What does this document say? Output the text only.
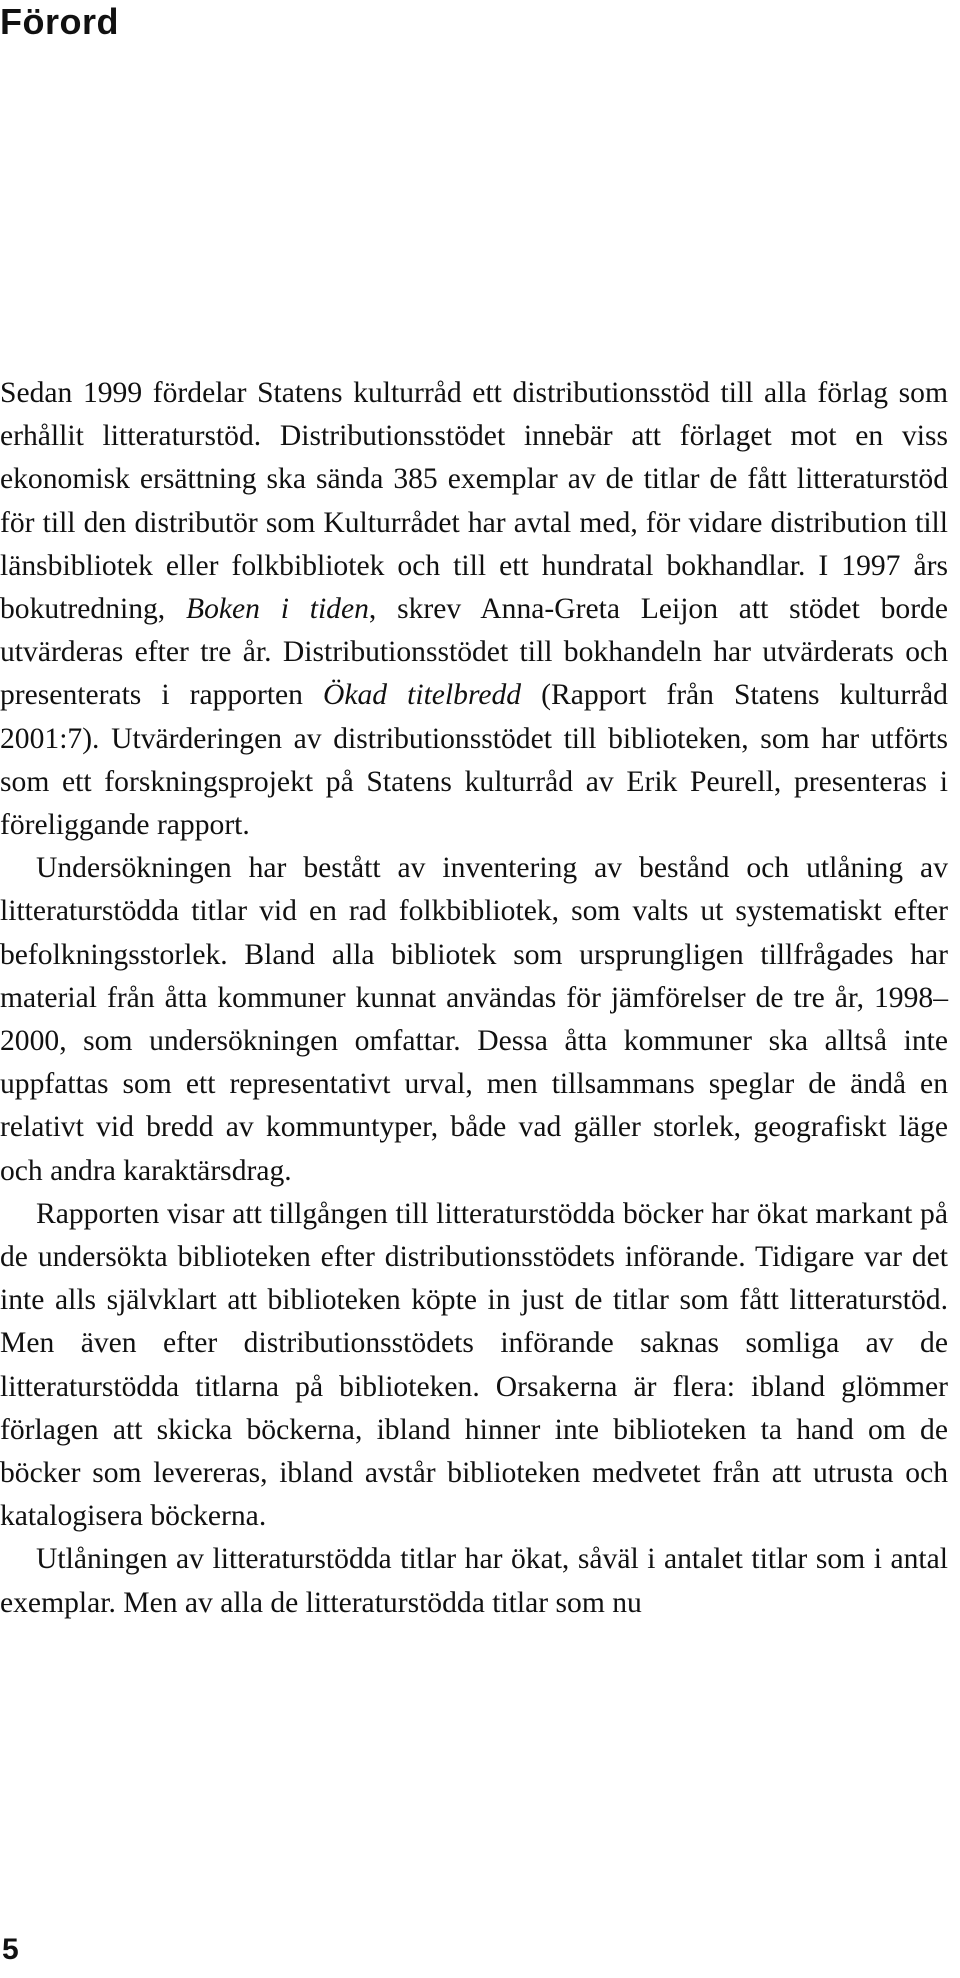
Förord

Sedan 1999 fördelar Statens kulturråd ett distributionsstöd till alla förlag som erhållit litteraturstöd. Distributionsstödet innebär att förlaget mot en viss ekonomisk ersättning ska sända 385 exemplar av de titlar de fått litteraturstöd för till den distributör som Kulturrådet har avtal med, för vidare distribution till länsbibliotek eller folkbibliotek och till ett hundratal bokhandlar. I 1997 års bokutredning, Boken i tiden, skrev Anna-Greta Leijon att stödet borde utvärderas efter tre år. Distributionsstödet till bokhandeln har utvärderats och presenterats i rapporten Ökad titelbredd (Rapport från Statens kulturråd 2001:7). Utvärderingen av distributionsstödet till biblioteken, som har utförts som ett forskningsprojekt på Statens kulturråd av Erik Peurell, presenteras i föreliggande rapport.

Undersökningen har bestått av inventering av bestånd och utlåning av litteraturstödda titlar vid en rad folkbibliotek, som valts ut systematiskt efter befolkningsstorlek. Bland alla bibliotek som ursprungligen tillfrågades har material från åtta kommuner kunnat användas för jämförelser de tre år, 1998–2000, som undersökningen omfattar. Dessa åtta kommuner ska alltså inte uppfattas som ett representativt urval, men tillsammans speglar de ändå en relativt vid bredd av kommuntyper, både vad gäller storlek, geografiskt läge och andra karaktärsdrag.

Rapporten visar att tillgången till litteraturstödda böcker har ökat markant på de undersökta biblioteken efter distributionsstödets införande. Tidigare var det inte alls självklart att biblioteken köpte in just de titlar som fått litteraturstöd. Men även efter distributionsstödets införande saknas somliga av de litteraturstödda titlarna på biblioteken. Orsakerna är flera: ibland glömmer förlagen att skicka böckerna, ibland hinner inte biblioteken ta hand om de böcker som levereras, ibland avstår biblioteken medvetet från att utrusta och katalogisera böckerna.

Utlåningen av litteraturstödda titlar har ökat, såväl i antalet titlar som i antal exemplar. Men av alla de litteraturstödda titlar som nu

5
